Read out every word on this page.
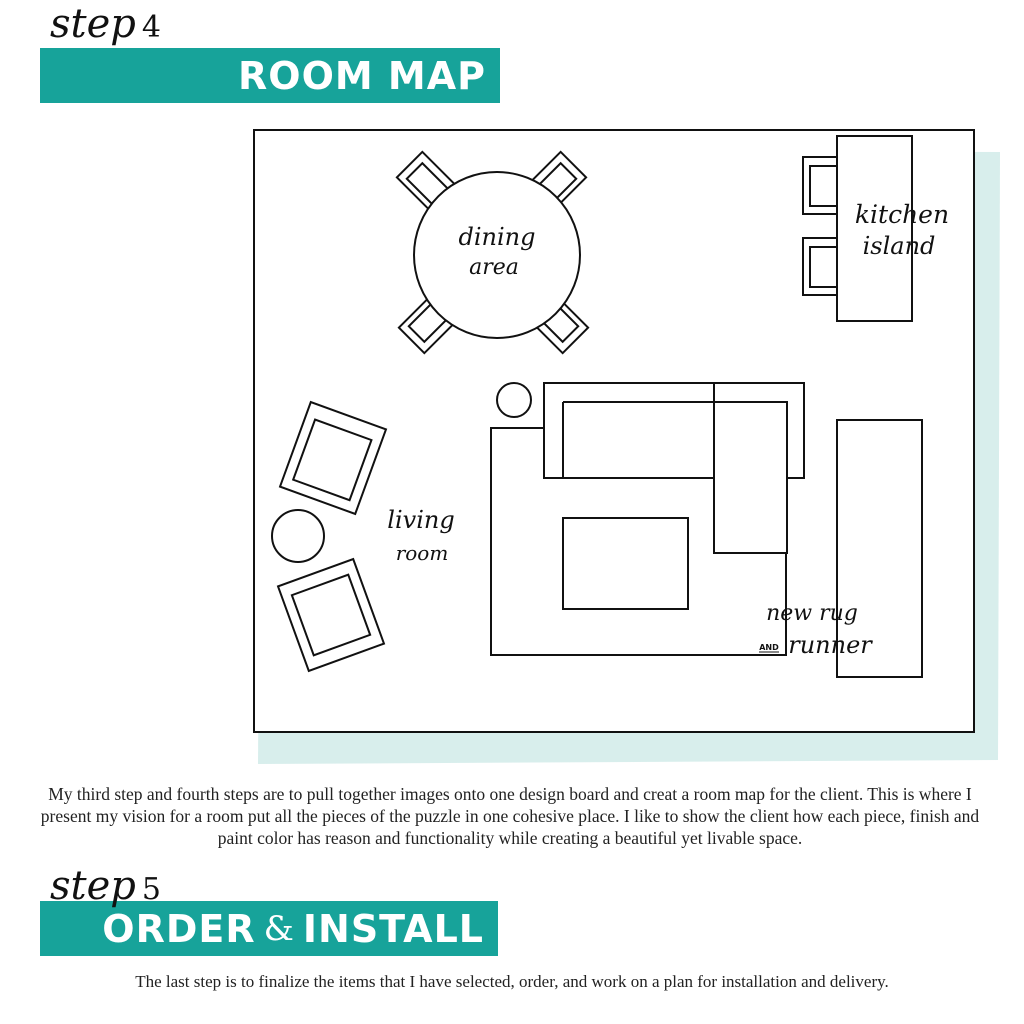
ROOM MAP
step 4
dining
area
kitchen
island
living
room
new rug
AND runner
My third step and fourth steps are to pull together images onto one design board and creat a room map for the client. This is where I present my vision for a room put all the pieces of the puzzle in one cohesive place. I like to show the client how each piece, finish and paint color has reason and functionality while creating a beautiful yet livable space.
ORDER & INSTALL
step 5
The last step is to finalize the items that I have selected, order, and work on a plan for installation and delivery.
